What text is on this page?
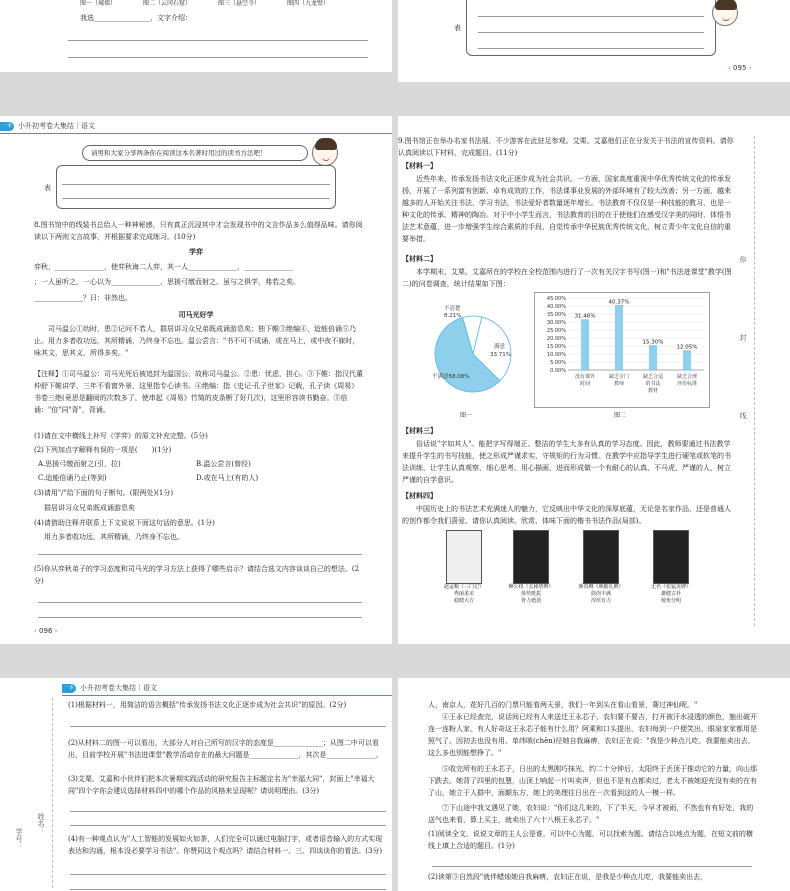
图一（城墙）　　　　　图二（云冈石窟）　　　　　图三（悬空寺）　　　　　图四（九龙壁）
我选________________，文字介绍：
表
‹ 095 ›
一本 小升初考卷大集结｜语文
请男和大家分享两条你在阅读这本名著时用过的读书方法吧！
表
8.图书馆中的线装书总给人一种神秘感，只有真正沉浸其中才会发现书中的文言作品多么值得品味。请你阅读以下两则文言故事，并根据要求完成练习。(10分)
学弈
弈秋，______________，使弈秋诲二人弈，其一人______________，______________
；一人虽听之，一心以为______________，思援弓缴而射之。虽与之俱学，弗若之矣。
______________？曰：非然也。
司马光好学
司马温公①幼时，患②记问不若人，群居讲习众兄弟既成诵游息矣；独下帷③绝编④，迨能倍诵⑤乃止。用力多者收功远，其所精诵，乃终身不忘也。温公尝言："书不可不成诵，或在马上，或中夜不寐时，咏其文，思其义，所得多矣。"
【注释】①司马温公：司马光死后被追封为温国公，故称司马温公。②患：忧虑，担心。③下帷：指汉代董仲舒下帷讲学，三年不看窗外景，这里指专心读书。④绝编：指《史记·孔子世家》记载，孔子读《周易》书卷三绝(竟思是翻阅的次数多了，使串起《周易》竹简的皮条断了好几次)，这里形容读书勤奋。⑤倍诵："倍"同"背"，背诵。
(1)请在文中横线上补写《学弈》的原文补充完整。(5分)
(2)下列加点字解释有误的一项是(　　)(1分)
A.思援弓缴而射之(引，拉)	B.温公尝言(曾经)
C.迨能倍诵乃止(等到)	D.或在马上(有的人)
(3)请用"/"给下面的句子断句。(限两处)(1分)
群居讲习众兄弟既成诵游息矣
(4)请借助注释并联系上下文说说下面这句话的意思。(1分)
用力多者收功远，其所精诵，乃终身不忘也。
(5)你从弈秋弟子的学习态度和司马光的学习方法上获得了哪些启示？请结合选文内容谈谈自己的想法。(2分)
‹ 096 ›
9.图书馆正在举办名家书法展，不少游客在此驻足参观。艾栗、艾嘉他们正在分发关于书法的宣传资料。请你认真阅读以下材料，完成题目。(11分)
【材料一】
近些年来，传承发扬书法文化正逐步成为社会共识。一方面，国家高度重视中华优秀传统文化的传承发扬，开展了一系列富有创新、卓有成效的工作，书法课事业发展的外部环境有了较大改善；另一方面，越来越多的人开始关注书法，学习书法，书法爱好者数量逐年增长。书法教育不仅仅是一种技能的教习，也是一种文化的传承，精神的陶冶。对于中小学生而言，书法教育的目的在于使他们在感受汉字美的同时，体悟书法艺术意蕴，进一步增强学生综合素质的手段，自觉传承中华民族优秀传统文化，树立青少年文化自信的重要举措。
【材料二】
本学期末，艾栗、艾嘉所在的学校在全校范围内进行了一次有关汉字书写(图一)和"书法进课堂"教学(图二)的问卷调查，统计结果如下图：
不清楚
8.21%
满意
33.71%
不满意58.08%
图一
0.00%
5.00%
10.00%
15.00%
20.00%
25.00%
30.00%
35.00%
40.00%
45.00%
31.46%
没有课外
时间
40.37%
缺乏专门
教师
15.30%
缺乏合适
的书法
教材
12.05%
缺乏合理
评价标准
图二
【材料三】
俗话说"字如其人"。能把字写得端正、整洁的学生大多有认真的学习态度。因此，教师要通过书法教学来提升学生的书写技能，使之形成严谨求实、守规矩的行为习惯。在教学中应指导学生进行硬笔或软笔的书法训练，让学生认真观察、细心思考、用心描画，进而形成做一个有耐心的认真、不马虎、严谨的人，树立严谨的自学意识。
【材料四】
中国历史上的书法艺术充满迷人的魅力，它反映出中华文化的深厚底蕴，无论是名家作品，还是普通人的创作都令我们喜爱。请你认真阅读、欣赏、体味下面的楷书书法作品(局部)。
赵孟頫《三门记》
秀丽柔美
稳健大方
柳公权《玄秘塔碑》
体势挺拔
骨力遒劲
颜真卿《颜勤礼碑》
筋肉丰满
浑厚有力
无名《张猛龙碑》
雄健古朴
棱角分明
你　　　　　封　　　　　线
一本 小升初考卷大集结｜语文
学号：
姓名：
(1)根据材料一，用简洁的语言概括"传承发扬书法文化正逐步成为社会共识"的原因。(2分)
(2)从材料二的图一可以看出，大部分人对自己所写的汉字的态度是______________；从图二中可以看出，目前学校开展"书法进课堂"教学活动存在的最大问题是______________，其次是______________。
(3)艾栗、艾嘉和小伙伴们把本次暑期实践活动的研究报告主标题定名为"幸福大同"，封面上"幸福大同"四个字你会建议选择材料四中的哪个作品的风格来呈现呢？请说明理由。(3分)
(4)有一种观点认为"人工智能的发展如火如荼，人们完全可以通过电脑打字，或者语音输入的方式实现表达和沟通，根本没必要学习书法"。你赞同这个观点吗？请结合材料一、三、四谈谈你的看法。(3分)
人，南京人，花好几百的门票只能看两天景，我们一年到头在看山看景，赛过神仙呢。"
④王永已经查完，说话间已经有人来送迁王永芯子，农妇要不要吉，打开被汗水浸透的颜色，施出破开连一连粉人家。有人好奇这王永芯子能有什么用？阿乘和口头提出，农妇每到一户便笑出，眼泉家家都用是照气了。因初去也没有用。单纬咳(chēn)径她自我麻痹，农妇正在说："我是少种点儿吃，我要能卖出去，这么多也别能想挣了。"
⑤收完所有的王永芯子，日出的太黑刚巧抹光，约二十分钟后，太阳终于丢顶于推动它的力量，向山那下跌去。她背了四里的包慧，山顶上响起一片叫卖声，但也不是有点都卖过，老太不被她迎充没有卖的在有了山，她立于人群中，面颠东方，她上的美理往日出在一次看到这的人一模一样。
⑦下山途中我又遇见了她，农妇说："你们这几来的，下了半天，今早才被雨，不然也有有好处，我的送气也来看，算上买主，就卖出了六十八根王永芯子。"
(1)阅读全文，说说文章的主人公是谁，可以中心为题，可以找索为题。请结合以地点为题，在短文前的横线上填上合适的题目。(1分)
(2)读第③自然段"就伴蜡烛她自我麻痹，农妇正在说，是我是少种点儿吃，我要能卖出去，
